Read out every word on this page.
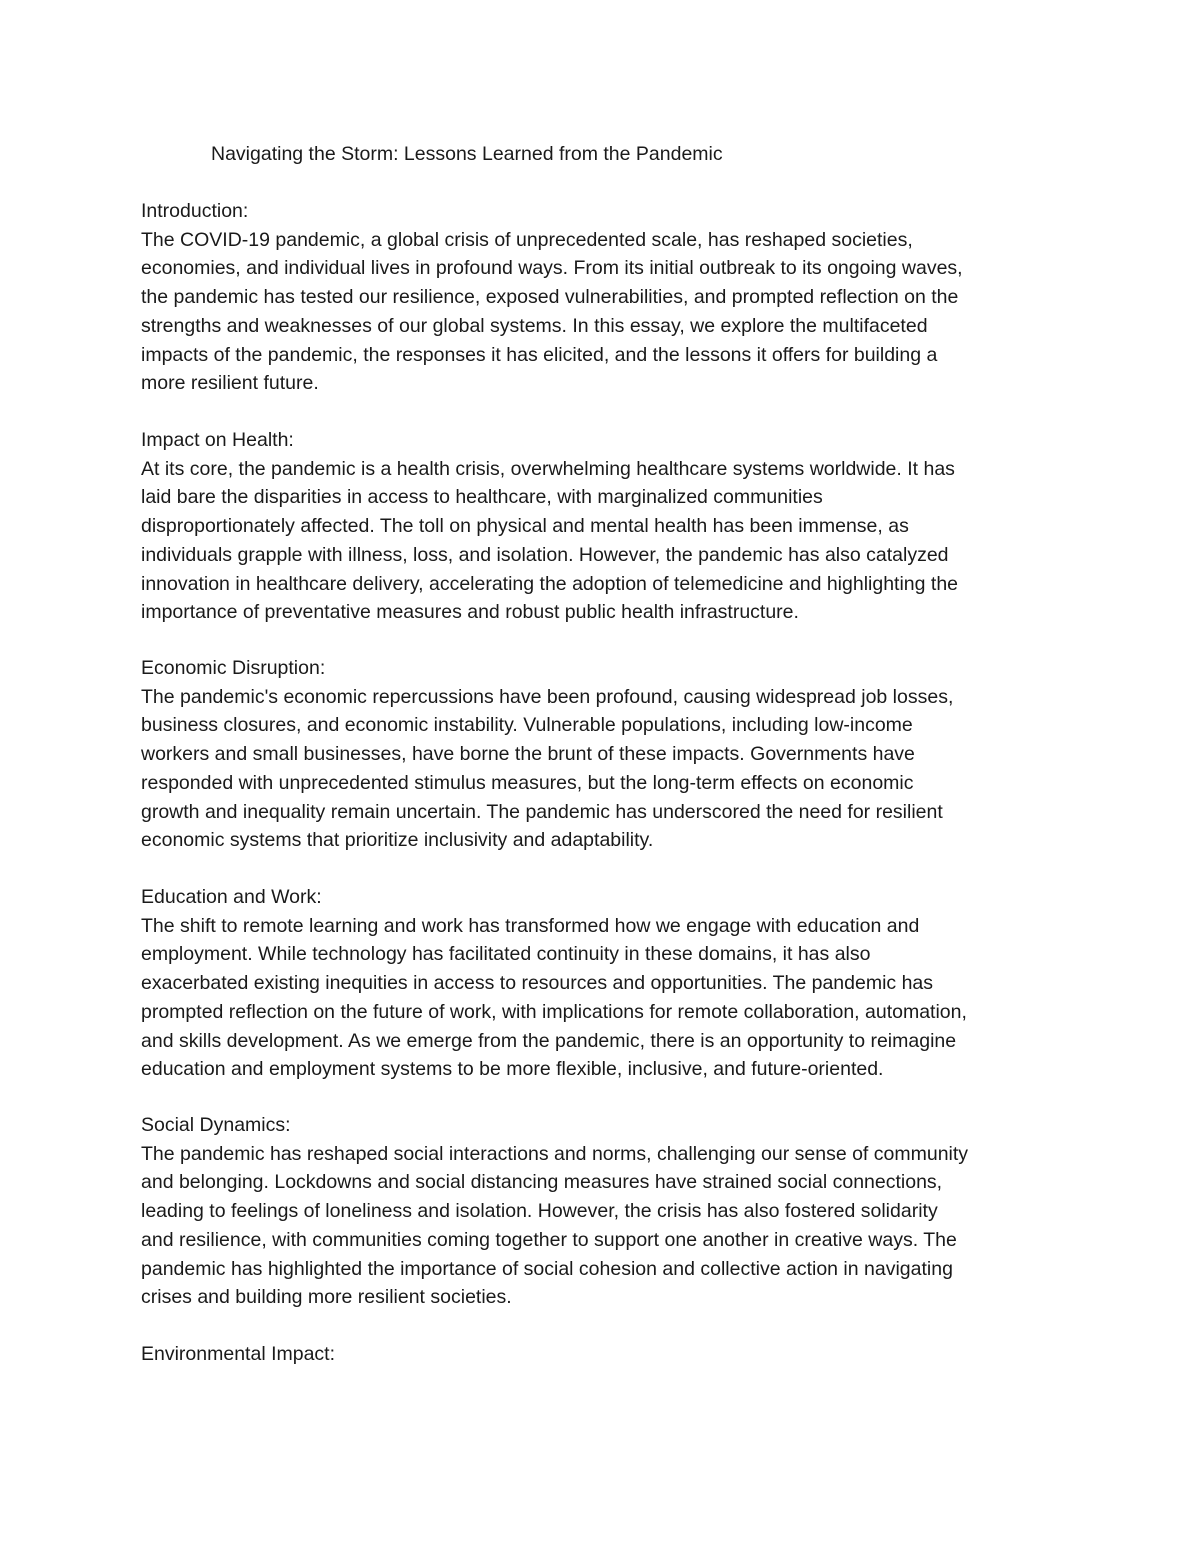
Navigating the Storm: Lessons Learned from the Pandemic
Introduction:
The COVID-19 pandemic, a global crisis of unprecedented scale, has reshaped societies,
economies, and individual lives in profound ways. From its initial outbreak to its ongoing waves,
the pandemic has tested our resilience, exposed vulnerabilities, and prompted reflection on the
strengths and weaknesses of our global systems. In this essay, we explore the multifaceted
impacts of the pandemic, the responses it has elicited, and the lessons it offers for building a
more resilient future.
Impact on Health:
At its core, the pandemic is a health crisis, overwhelming healthcare systems worldwide. It has
laid bare the disparities in access to healthcare, with marginalized communities
disproportionately affected. The toll on physical and mental health has been immense, as
individuals grapple with illness, loss, and isolation. However, the pandemic has also catalyzed
innovation in healthcare delivery, accelerating the adoption of telemedicine and highlighting the
importance of preventative measures and robust public health infrastructure.
Economic Disruption:
The pandemic's economic repercussions have been profound, causing widespread job losses,
business closures, and economic instability. Vulnerable populations, including low-income
workers and small businesses, have borne the brunt of these impacts. Governments have
responded with unprecedented stimulus measures, but the long-term effects on economic
growth and inequality remain uncertain. The pandemic has underscored the need for resilient
economic systems that prioritize inclusivity and adaptability.
Education and Work:
The shift to remote learning and work has transformed how we engage with education and
employment. While technology has facilitated continuity in these domains, it has also
exacerbated existing inequities in access to resources and opportunities. The pandemic has
prompted reflection on the future of work, with implications for remote collaboration, automation,
and skills development. As we emerge from the pandemic, there is an opportunity to reimagine
education and employment systems to be more flexible, inclusive, and future-oriented.
Social Dynamics:
The pandemic has reshaped social interactions and norms, challenging our sense of community
and belonging. Lockdowns and social distancing measures have strained social connections,
leading to feelings of loneliness and isolation. However, the crisis has also fostered solidarity
and resilience, with communities coming together to support one another in creative ways. The
pandemic has highlighted the importance of social cohesion and collective action in navigating
crises and building more resilient societies.
Environmental Impact:
